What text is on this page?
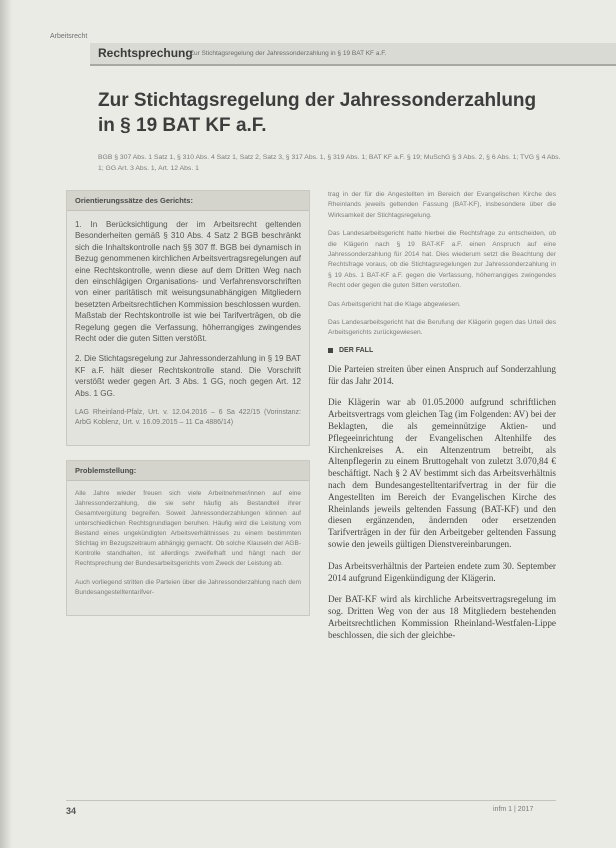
Arbeitsrecht
Rechtsprechung
Zur Stichtagsregelung der Jahressonderzahlung in § 19 BAT KF a.F.
Zur Stichtagsregelung der Jahressonderzahlung
in § 19 BAT KF a.F.
BGB § 307 Abs. 1 Satz 1, § 310 Abs. 4 Satz 1, Satz 2, Satz 3, § 317 Abs. 1, § 319 Abs. 1; BAT KF a.F. § 19; MuSchG § 3 Abs. 2, § 6 Abs. 1; TVG § 4 Abs. 1; GG Art. 3 Abs. 1, Art. 12 Abs. 1
Orientierungssätze des Gerichts:

1. In Berücksichtigung der im Arbeitsrecht geltenden Besonderheiten gemäß § 310 Abs. 4 Satz 2 BGB beschränkt sich die Inhaltskontrolle nach §§ 307 ff. BGB bei dynamisch in Bezug genommenen kirchlichen Arbeitsvertragsregelungen auf eine Rechtskontrolle, wenn diese auf dem Dritten Weg nach den einschlägigen Organisations- und Verfahrensvorschriften von einer paritätisch mit weisungsunabhängigen Mitgliedern besetzten Arbeitsrechtlichen Kommission beschlossen wurden. Maßstab der Rechtskontrolle ist wie bei Tarifverträgen, ob die Regelung gegen die Verfassung, höherrangiges zwingendes Recht oder die guten Sitten verstößt.

2. Die Stichtagsregelung zur Jahressonderzahlung in § 19 BAT KF a.F. hält dieser Rechtskontrolle stand. Die Vorschrift verstößt weder gegen Art. 3 Abs. 1 GG, noch gegen Art. 12 Abs. 1 GG.

LAG Rheinland-Pfalz, Urt. v. 12.04.2016 – 6 Sa 422/15 (Vorinstanz: ArbG Koblenz, Urt. v. 16.09.2015 – 11 Ca 4886/14)

Problemstellung:

Alle Jahre wieder freuen sich viele Arbeitnehmer/innen auf eine Jahressonderzahlung, die sie sehr häufig als Bestandteil ihrer Gesamtvergütung begreifen. Soweit Jahressonderzahlungen können auf unterschiedlichen Rechtsgrundlagen beruhen. Häufig wird die Leistung vom Bestand eines ungekündigten Arbeitsverhältnisses zu einem bestimmten Stichtag im Bezugszeitraum abhängig gemacht. Ob solche Klauseln der AGB-Kontrolle standhalten, ist allerdings zweifelhaft und hängt nach der Rechtsprechung der Bundesarbeitsgerichts vom Zweck der Leistung ab.

Auch vorliegend stritten die Parteien über die Jahressonderzahlung nach dem Bundesangestelltentarifver-

trag in der für die Angestellten im Bereich der Evangelischen Kirche des Rheinlands jeweils geltenden Fassung (BAT-KF), insbesondere über die Wirksamkeit der Stichtagsregelung.

Das Landesarbeitsgericht hatte hierbei die Rechtsfrage zu entscheiden, ob die Klägerin nach § 19 BAT-KF a.F. einen Anspruch auf eine Jahressonderzahlung für 2014 hat. Dies wiederum setzt die Beachtung der Rechtsfrage voraus, ob die Stichtagsregelungen zur Jahressonderzahlung in § 19 Abs. 1 BAT-KF a.F. gegen die Verfassung, höherrangiges zwingendes Recht oder gegen die guten Sitten verstoßen.

Das Arbeitsgericht hat die Klage abgewiesen.

Das Landesarbeitsgericht hat die Berufung der Klägerin gegen das Urteil des Arbeitsgerichts zurückgewiesen.

DER FALL

Die Parteien streiten über einen Anspruch auf Sonderzahlung für das Jahr 2014.

Die Klägerin war ab 01.05.2000 aufgrund schriftlichen Arbeitsvertrags vom gleichen Tag (im Folgenden: AV) bei der Beklagten, die als gemeinnützige Aktien- und Pflegeeinrichtung der Evangelischen Altenhilfe des Kirchenkreises A. ein Altenzentrum betreibt, als Altenpflegerin zu einem Bruttogehalt von zuletzt 3.070,84 € beschäftigt. Nach § 2 AV bestimmt sich das Arbeitsverhältnis nach dem Bundesangestelltentarifvertrag in der für die Angestellten im Bereich der Evangelischen Kirche des Rheinlands jeweils geltenden Fassung (BAT-KF) und den diesen ergänzenden, ändernden oder ersetzenden Tarifverträgen in der für den Arbeitgeber geltenden Fassung sowie den jeweils gültigen Dienstvereinbarungen.

Das Arbeitsverhältnis der Parteien endete zum 30. September 2014 aufgrund Eigenkündigung der Klägerin.

Der BAT-KF wird als kirchliche Arbeitsvertragsregelung im sog. Dritten Weg von der aus 18 Mitgliedern bestehenden Arbeitsrechtlichen Kommission Rheinland-Westfalen-Lippe beschlossen, die sich der gleichbe-

34	infm 1 | 2017
